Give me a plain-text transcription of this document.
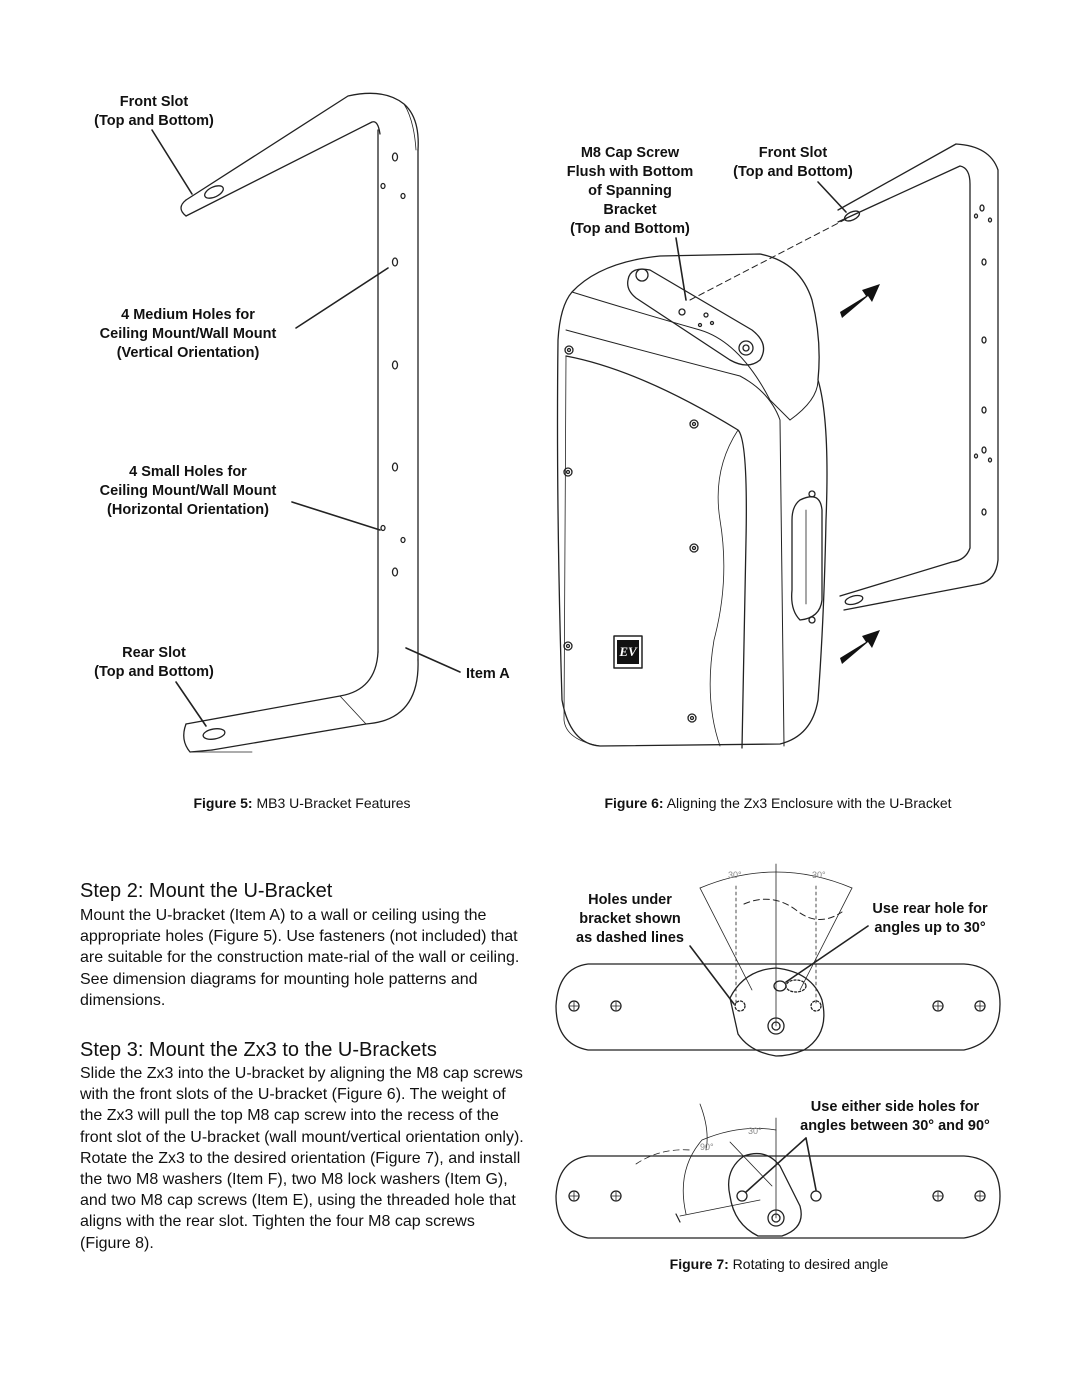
EV
Front Slot
(Top and Bottom)
4 Medium Holes for
Ceiling Mount/Wall Mount
(Vertical Orientation)
4 Small Holes for
Ceiling Mount/Wall Mount
(Horizontal Orientation)
Rear Slot
(Top and Bottom)	Item A
Figure 5: MB3 U-Bracket Features
M8 Cap Screw
Flush with Bottom
of Spanning
Bracket
(Top and Bottom)
Front Slot
(Top and Bottom)
Figure 6: Aligning the Zx3 Enclosure with the U-Bracket
Holes under
bracket shown
as dashed lines
Use rear hole for
angles up to 30°
Use either side holes for
angles between 30° and 90°
30°	30°
30°
90°
Figure 7: Rotating to desired angle
Step 2: Mount the U-Bracket

Mount the U-bracket (Item A) to a wall or ceiling using the appropriate holes (Figure 5). Use fasteners (not included) that are suitable for the construction mate-rial of the wall or ceiling. See dimension diagrams for mounting hole patterns and dimensions.

Step 3: Mount the Zx3 to the U-Brackets

Slide the Zx3 into the U-bracket by aligning the M8 cap screws with the front slots of the U-bracket (Figure 6). The weight of the Zx3 will pull the top M8 cap screw into the recess of the front slot of the U-bracket (wall mount/vertical orientation only). Rotate the Zx3 to the desired orientation (Figure 7), and install the two M8 washers (Item F), two M8 lock washers (Item G), and two M8 cap screws (Item E), using the threaded hole that aligns with the rear slot. Tighten the four M8 cap screws (Figure 8).
